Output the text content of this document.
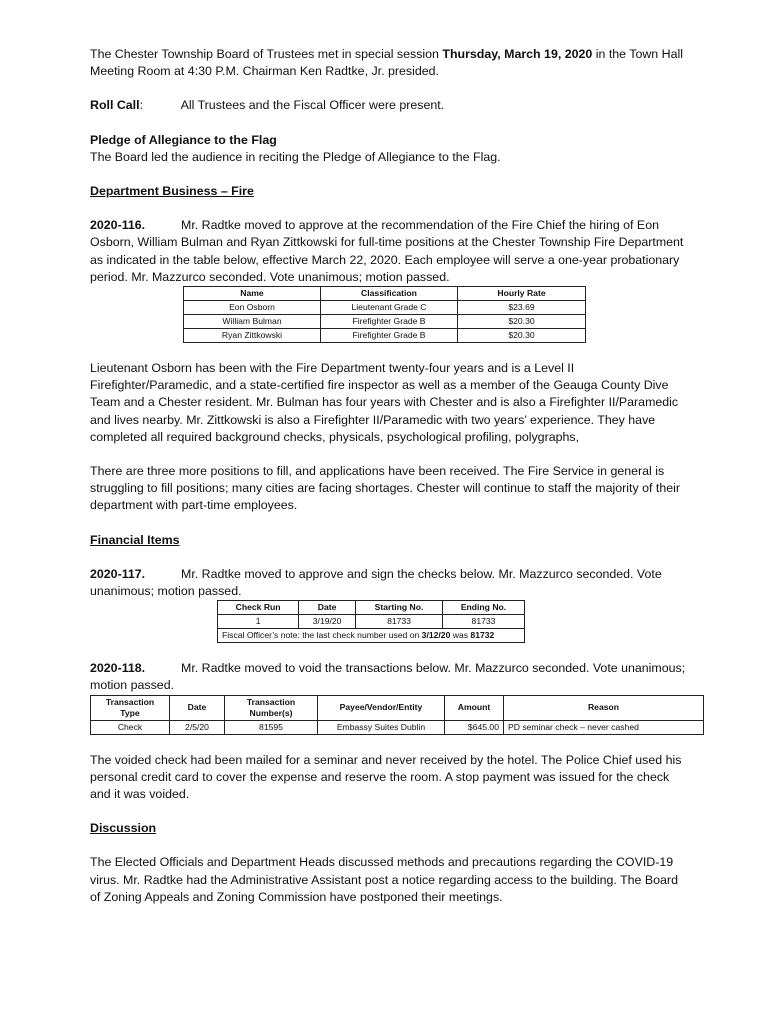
The Chester Township Board of Trustees met in special session Thursday, March 19, 2020 in the Town Hall Meeting Room at 4:30 P.M. Chairman Ken Radtke, Jr. presided.

Roll Call:	All Trustees and the Fiscal Officer were present.

Pledge of Allegiance to the Flag

The Board led the audience in reciting the Pledge of Allegiance to the Flag.

Department Business – Fire

2020-116.	Mr. Radtke moved to approve at the recommendation of the Fire Chief the hiring of Eon Osborn, William Bulman and Ryan Zittkowski for full-time positions at the Chester Township Fire Department as indicated in the table below, effective March 22, 2020. Each employee will serve a one-year probationary period. Mr. Mazzurco seconded. Vote unanimous; motion passed.

Name	Classification	Hourly Rate
Eon Osborn	Lieutenant Grade C	$23.69
William Bulman	Firefighter Grade B	$20.30
Ryan Zittkowski	Firefighter Grade B	$20.30

Lieutenant Osborn has been with the Fire Department twenty-four years and is a Level II Firefighter/Paramedic, and a state-certified fire inspector as well as a member of the Geauga County Dive Team and a Chester resident. Mr. Bulman has four years with Chester and is also a Firefighter II/Paramedic and lives nearby. Mr. Zittkowski is also a Firefighter II/Paramedic with two years’ experience. They have completed all required background checks, physicals, psychological profiling, polygraphs,

There are three more positions to fill, and applications have been received. The Fire Service in general is struggling to fill positions; many cities are facing shortages. Chester will continue to staff the majority of their department with part-time employees.

Financial Items

2020-117.	Mr. Radtke moved to approve and sign the checks below. Mr. Mazzurco seconded. Vote unanimous; motion passed.

Check Run	Date	Starting No.	Ending No.
1	3/19/20	81733	81733
Fiscal Officer’s note: the last check number used on 3/12/20 was 81732			

2020-118.	Mr. Radtke moved to void the transactions below. Mr. Mazzurco seconded. Vote unanimous; motion passed.

Transaction Type	Date	Transaction Number(s)	Payee/Vendor/Entity	Amount	Reason
Check	2/5/20	81595	Embassy Suites Dublin	$645.00	PD seminar check – never cashed

The voided check had been mailed for a seminar and never received by the hotel. The Police Chief used his personal credit card to cover the expense and reserve the room. A stop payment was issued for the check and it was voided.

Discussion

The Elected Officials and Department Heads discussed methods and precautions regarding the COVID-19 virus. Mr. Radtke had the Administrative Assistant post a notice regarding access to the building. The Board of Zoning Appeals and Zoning Commission have postponed their meetings.
